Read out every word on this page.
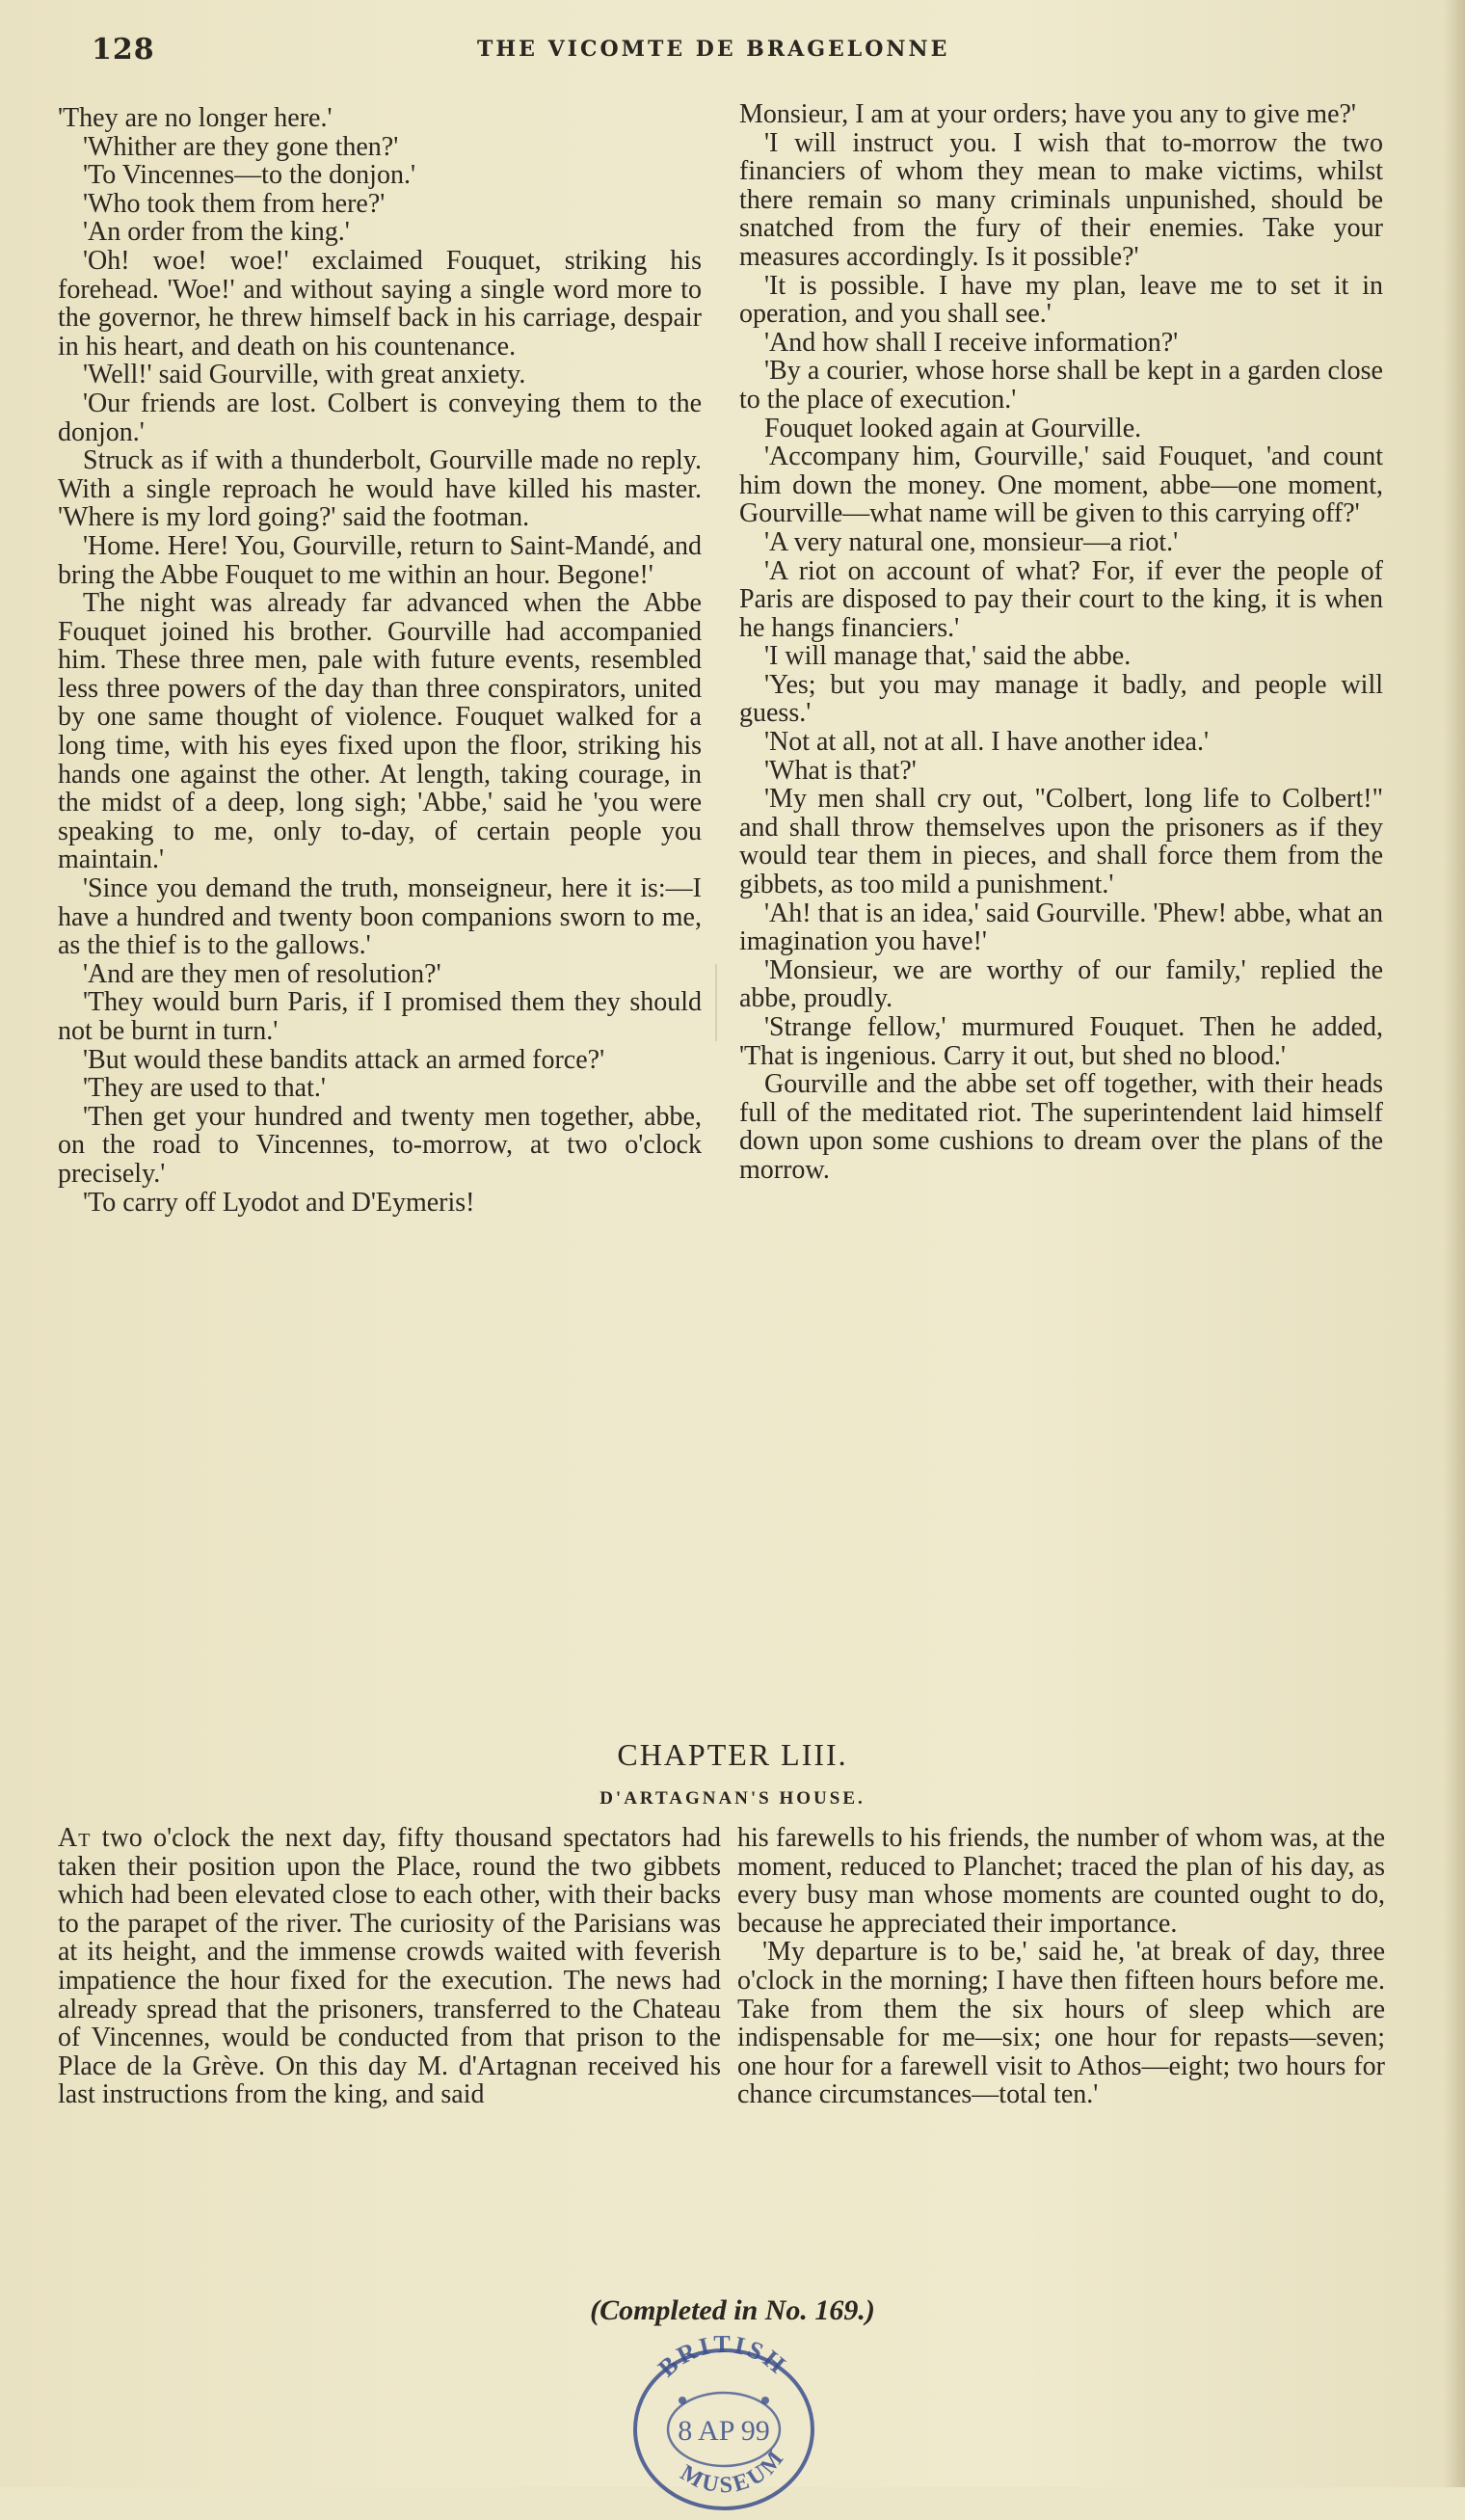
128	THE VICOMTE DE BRAGELONNE

'They are no longer here.'

'Whither are they gone then?'

'To Vincennes—to the donjon.'

'Who took them from here?'

'An order from the king.'

'Oh! woe! woe!' exclaimed Fouquet, striking his forehead. 'Woe!' and without saying a single word more to the governor, he threw himself back in his carriage, despair in his heart, and death on his countenance.

'Well!' said Gourville, with great anxiety.

'Our friends are lost. Colbert is conveying them to the donjon.'

Struck as if with a thunderbolt, Gourville made no reply. With a single reproach he would have killed his master. 'Where is my lord going?' said the footman.

'Home. Here! You, Gourville, return to Saint-Mandé, and bring the Abbe Fouquet to me within an hour. Begone!'

The night was already far advanced when the Abbe Fouquet joined his brother. Gourville had accompanied him. These three men, pale with future events, resembled less three powers of the day than three conspirators, united by one same thought of violence. Fouquet walked for a long time, with his eyes fixed upon the floor, striking his hands one against the other. At length, taking courage, in the midst of a deep, long sigh; 'Abbe,' said he 'you were speaking to me, only to-day, of certain people you maintain.'

'Since you demand the truth, monseigneur, here it is:—I have a hundred and twenty boon companions sworn to me, as the thief is to the gallows.'

'And are they men of resolution?'

'They would burn Paris, if I promised them they should not be burnt in turn.'

'But would these bandits attack an armed force?'

'They are used to that.'

'Then get your hundred and twenty men together, abbe, on the road to Vincennes, to-morrow, at two o'clock precisely.'

'To carry off Lyodot and D'Eymeris!

Monsieur, I am at your orders; have you any to give me?'

'I will instruct you. I wish that to-morrow the two financiers of whom they mean to make victims, whilst there remain so many criminals unpunished, should be snatched from the fury of their enemies. Take your measures accordingly. Is it possible?'

'It is possible. I have my plan, leave me to set it in operation, and you shall see.'

'And how shall I receive information?'

'By a courier, whose horse shall be kept in a garden close to the place of execution.'

Fouquet looked again at Gourville.

'Accompany him, Gourville,' said Fouquet, 'and count him down the money. One moment, abbe—one moment, Gourville—what name will be given to this carrying off?'

'A very natural one, monsieur—a riot.'

'A riot on account of what? For, if ever the people of Paris are disposed to pay their court to the king, it is when he hangs financiers.'

'I will manage that,' said the abbe.

'Yes; but you may manage it badly, and people will guess.'

'Not at all, not at all. I have another idea.'

'What is that?'

'My men shall cry out, "Colbert, long life to Colbert!" and shall throw themselves upon the prisoners as if they would tear them in pieces, and shall force them from the gibbets, as too mild a punishment.'

'Ah! that is an idea,' said Gourville. 'Phew! abbe, what an imagination you have!'

'Monsieur, we are worthy of our family,' replied the abbe, proudly.

'Strange fellow,' murmured Fouquet. Then he added, 'That is ingenious. Carry it out, but shed no blood.'

Gourville and the abbe set off together, with their heads full of the meditated riot. The superintendent laid himself down upon some cushions to dream over the plans of the morrow.

CHAPTER LIII.
D'ARTAGNAN'S HOUSE.

At two o'clock the next day, fifty thousand spectators had taken their position upon the Place, round the two gibbets which had been elevated close to each other, with their backs to the parapet of the river. The curiosity of the Parisians was at its height, and the immense crowds waited with feverish impatience the hour fixed for the execution. The news had already spread that the prisoners, transferred to the Chateau of Vincennes, would be conducted from that prison to the Place de la Grève. On this day M. d'Artagnan received his last instructions from the king, and said

his farewells to his friends, the number of whom was, at the moment, reduced to Planchet; traced the plan of his day, as every busy man whose moments are counted ought to do, because he appreciated their importance.

'My departure is to be,' said he, 'at break of day, three o'clock in the morning; I have then fifteen hours before me. Take from them the six hours of sleep which are indispensable for me—six; one hour for repasts—seven; one hour for a farewell visit to Athos—eight; two hours for chance circumstances—total ten.'

(Completed in No. 169.)
BRITISH
8 AP 99
MUSEUM
